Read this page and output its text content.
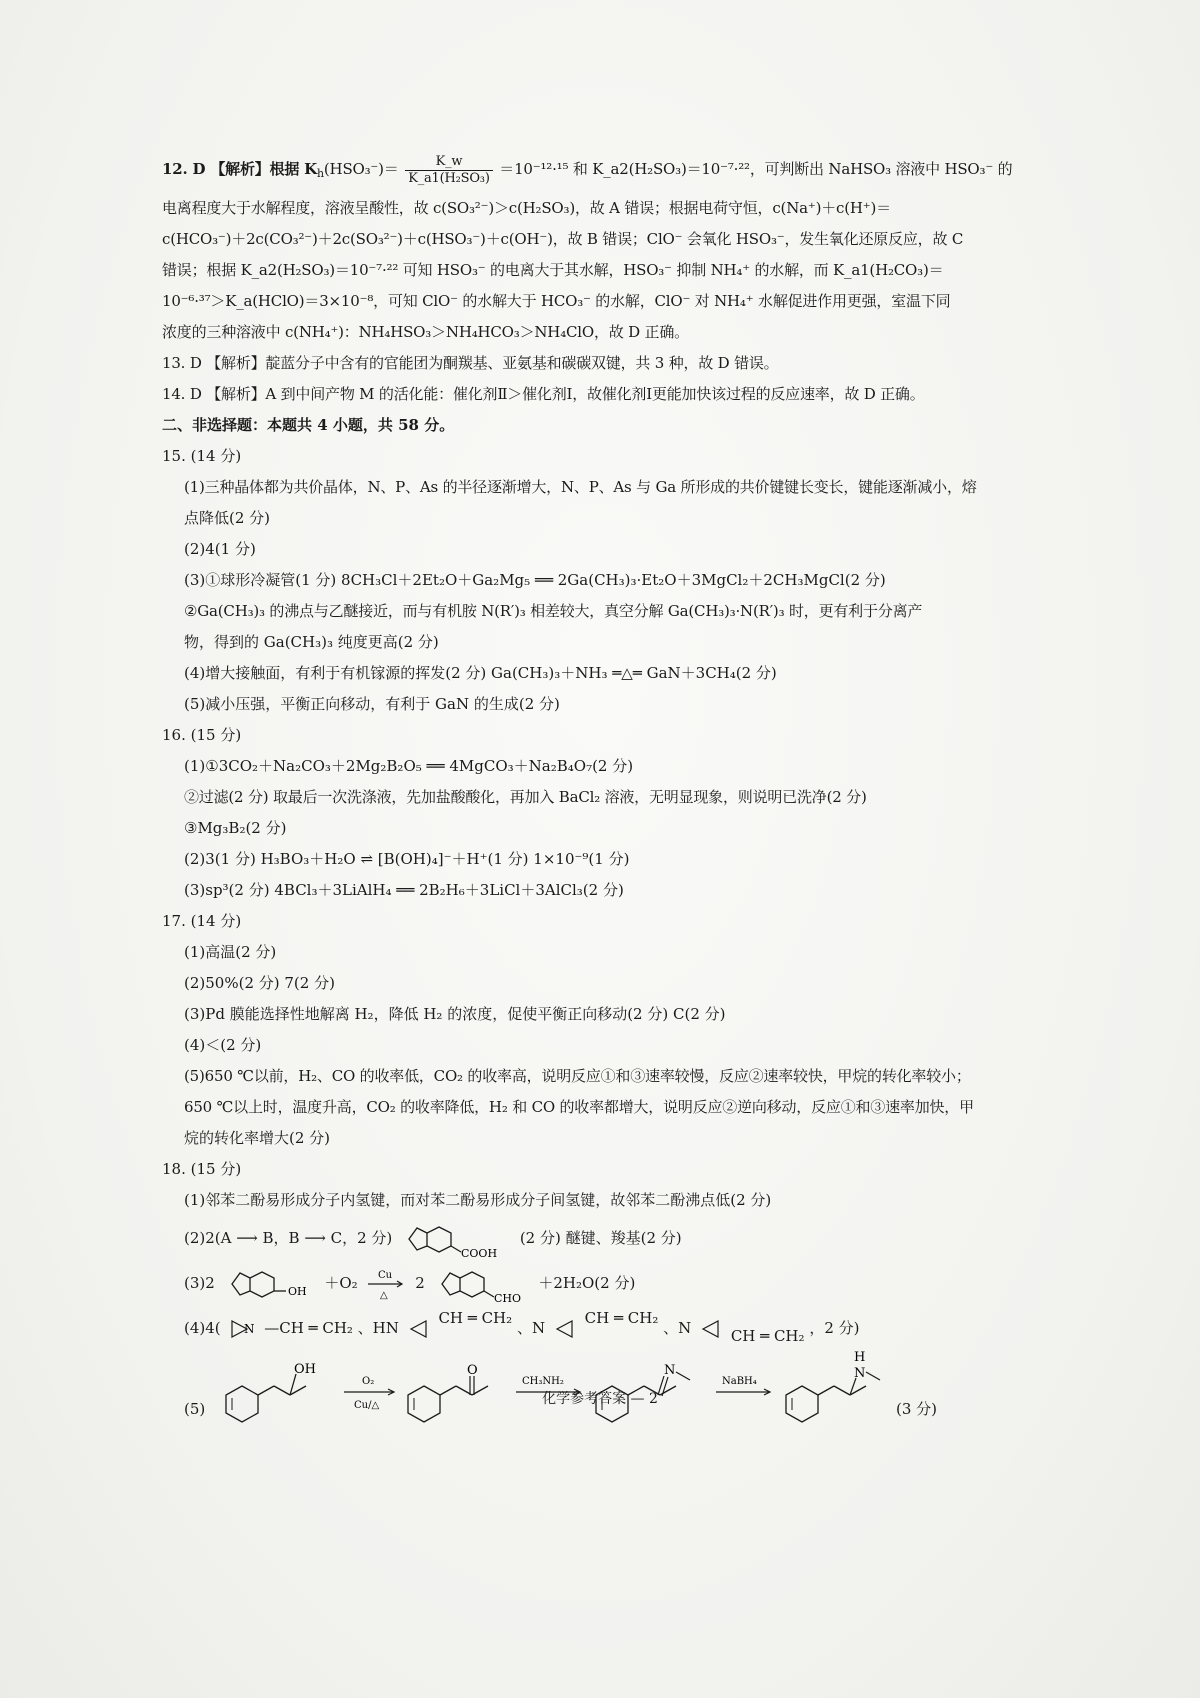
12. D 【解析】根据 $K_h(HSO_3^-)= \frac{K\_w}{\text{K\_a1(H₂SO₃)}} =10^{-12}\cdot^{15}$ 和 K_a2(H₂SO₃)＝10⁻⁷·²²，可判断出 NaHSO₃ 溶液中 HSO₃⁻ 的
电离程度大于水解程度，溶液呈酸性，故 c(SO₃²⁻)＞c(H₂SO₃)，故 A 错误；根据电荷守恒，c(Na⁺)＋c(H⁺)＝
c(HCO₃⁻)＋2c(CO₃²⁻)＋2c(SO₃²⁻)＋c(HSO₃⁻)＋c(OH⁻)，故 B 错误；ClO⁻ 会氧化 HSO₃⁻，发生氧化还原反应，故 C
错误；根据 K_a2(H₂SO₃)＝10⁻⁷·²² 可知 HSO₃⁻ 的电离大于其水解，HSO₃⁻ 抑制 NH₄⁺ 的水解，而 K_a1(H₂CO₃)＝
10⁻⁶·³⁷＞K_a(HClO)＝3×10⁻⁸，可知 ClO⁻ 的水解大于 HCO₃⁻ 的水解，ClO⁻ 对 NH₄⁺ 水解促进作用更强，室温下同
浓度的三种溶液中 c(NH₄⁺)：NH₄HSO₃＞NH₄HCO₃＞NH₄ClO，故 D 正确。
13. D 【解析】靛蓝分子中含有的官能团为酮羰基、亚氨基和碳碳双键，共 3 种，故 D 错误。
14. D 【解析】A 到中间产物 M 的活化能：催化剂Ⅱ＞催化剂Ⅰ，故催化剂Ⅰ更能加快该过程的反应速率，故 D 正确。
二、非选择题：本题共 4 小题，共 58 分。
15. (14 分)
(1)三种晶体都为共价晶体，N、P、As 的半径逐渐增大，N、P、As 与 Ga 所形成的共价键键长变长，键能逐渐减小，熔
点降低(2 分)
(2)4(1 分)
(3)①球形冷凝管(1 分) 8CH₃Cl＋2Et₂O＋Ga₂Mg₅ ══ 2Ga(CH₃)₃·Et₂O＋3MgCl₂＋2CH₃MgCl(2 分)
②Ga(CH₃)₃ 的沸点与乙醚接近，而与有机胺 N(R′)₃ 相差较大，真空分解 Ga(CH₃)₃·N(R′)₃ 时，更有利于分离产
物，得到的 Ga(CH₃)₃ 纯度更高(2 分)
(4)增大接触面，有利于有机镓源的挥发(2 分) Ga(CH₃)₃＋NH₃ ═△═ GaN＋3CH₄(2 分)
(5)减小压强，平衡正向移动，有利于 GaN 的生成(2 分)
16. (15 分)
(1)①3CO₂＋Na₂CO₃＋2Mg₂B₂O₅ ══ 4MgCO₃＋Na₂B₄O₇(2 分)
②过滤(2 分) 取最后一次洗涤液，先加盐酸酸化，再加入 BaCl₂ 溶液，无明显现象，则说明已洗净(2 分)
③Mg₃B₂(2 分)
(2)3(1 分) H₃BO₃＋H₂O ⇌ [B(OH)₄]⁻＋H⁺(1 分) 1×10⁻⁹(1 分)
(3)sp³(2 分) 4BCl₃＋3LiAlH₄ ══ 2B₂H₆＋3LiCl＋3AlCl₃(2 分)
17. (14 分)
(1)高温(2 分)
(2)50%(2 分) 7(2 分)
(3)Pd 膜能选择性地解离 H₂，降低 H₂ 的浓度，促使平衡正向移动(2 分) C(2 分)
(4)＜(2 分)
(5)650 ℃以前，H₂、CO 的收率低，CO₂ 的收率高，说明反应①和③速率较慢，反应②速率较快，甲烷的转化率较小；
650 ℃以上时，温度升高，CO₂ 的收率降低，H₂ 和 CO 的收率都增大，说明反应②逆向移动，反应①和③速率加快，甲
烷的转化率增大(2 分)
18. (15 分)
(1)邻苯二酚易形成分子内氢键，而对苯二酚易形成分子间氢键，故邻苯二酚沸点低(2 分)
(2)2(A ⟶ B，B ⟶ C，2 分)
COOH
(2 分) 醚键、羧基(2 分)
(3)2	OH ＋O₂ Cu
△
2
CHO
＋2H₂O(2 分)
(4)4( N —CH ═ CH₂ 、HN
CH ═ CH₂ 、N
CH ═ CH₂ 、N	CH ═ CH₂ ，2 分)
(5)
OH
O₂
Cu/△
O
CH₃NH₂
N
NaBH₄
H
N
(3 分)
化学参考答案 — 2
